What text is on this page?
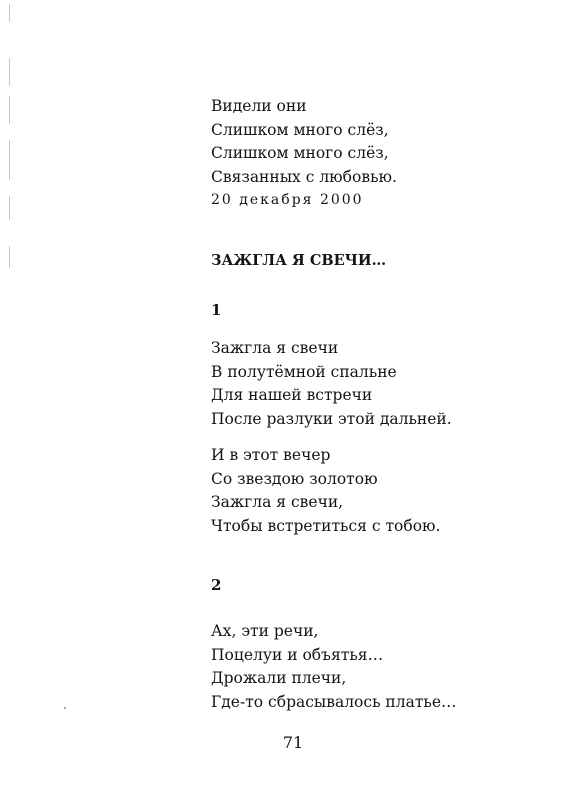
Видели они
Слишком много слёз,
Слишком много слёз,
Связанных с любовью.
20 декабря 2000
ЗАЖГЛА Я СВЕЧИ…
1
Зажгла я свечи
В полутёмной спальне
Для нашей встречи
После разлуки этой дальней.
И в этот вечер
Со звездою золотою
Зажгла я свечи,
Чтобы встретиться с тобою.
2
Ах, эти речи,
Поцелуи и объятья…
Дрожали плечи,
Где-то сбрасывалось платье…
71
